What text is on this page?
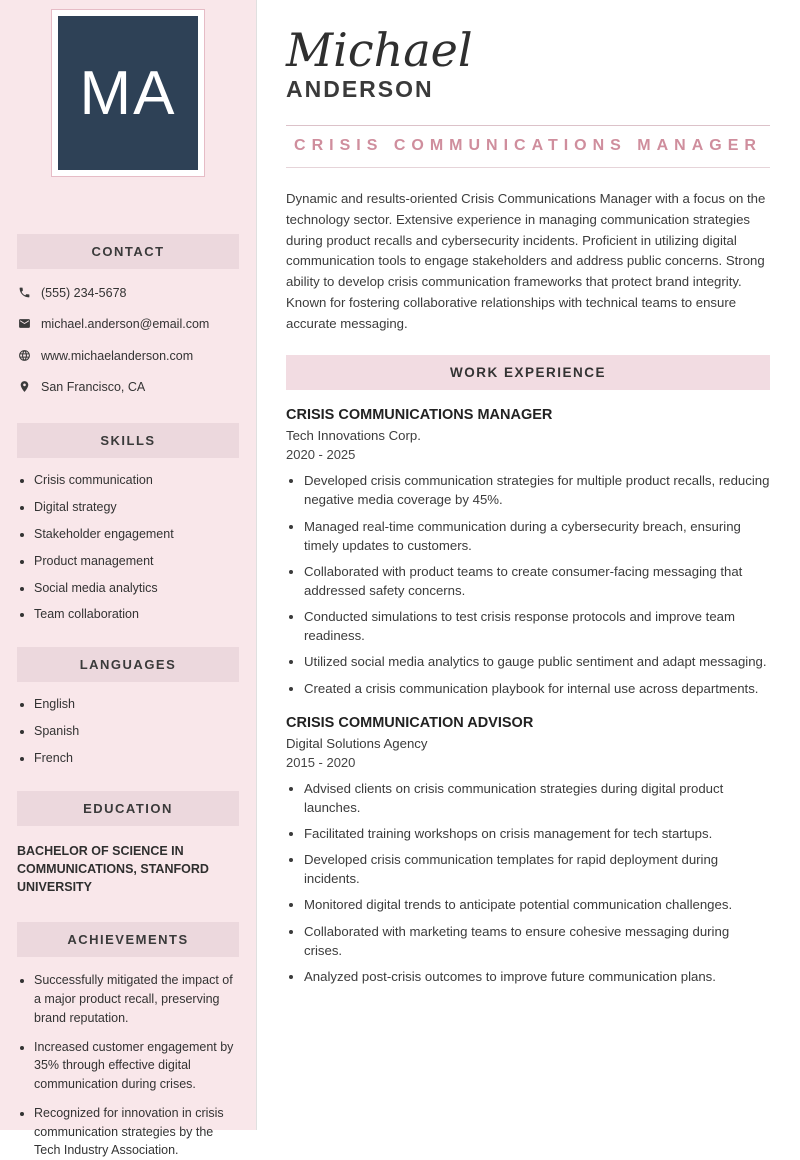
MA
CONTACT
(555) 234-5678
michael.anderson@email.com
www.michaelanderson.com
San Francisco, CA
SKILLS
• Crisis communication
• Digital strategy
• Stakeholder engagement
• Product management
• Social media analytics
• Team collaboration
LANGUAGES
• English
• Spanish
• French
EDUCATION
BACHELOR OF SCIENCE IN COMMUNICATIONS, STANFORD UNIVERSITY
ACHIEVEMENTS
• Successfully mitigated the impact of a major product recall, preserving brand reputation.
• Increased customer engagement by 35% through effective digital communication during crises.
• Recognized for innovation in crisis communication strategies by the Tech Industry Association.
Michael
ANDERSON
CRISIS COMMUNICATIONS MANAGER

Dynamic and results-oriented Crisis Communications Manager with a focus on the technology sector. Extensive experience in managing communication strategies during product recalls and cybersecurity incidents. Proficient in utilizing digital communication tools to engage stakeholders and address public concerns. Strong ability to develop crisis communication frameworks that protect brand integrity. Known for fostering collaborative relationships with technical teams to ensure accurate messaging.

WORK EXPERIENCE
CRISIS COMMUNICATIONS MANAGER
Tech Innovations Corp.
2020 - 2025
• Developed crisis communication strategies for multiple product recalls, reducing negative media coverage by 45%.
• Managed real-time communication during a cybersecurity breach, ensuring timely updates to customers.
• Collaborated with product teams to create consumer-facing messaging that addressed safety concerns.
• Conducted simulations to test crisis response protocols and improve team readiness.
• Utilized social media analytics to gauge public sentiment and adapt messaging.
• Created a crisis communication playbook for internal use across departments.
CRISIS COMMUNICATION ADVISOR
Digital Solutions Agency
2015 - 2020
• Advised clients on crisis communication strategies during digital product launches.
• Facilitated training workshops on crisis management for tech startups.
• Developed crisis communication templates for rapid deployment during incidents.
• Monitored digital trends to anticipate potential communication challenges.
• Collaborated with marketing teams to ensure cohesive messaging during crises.
• Analyzed post-crisis outcomes to improve future communication plans.
